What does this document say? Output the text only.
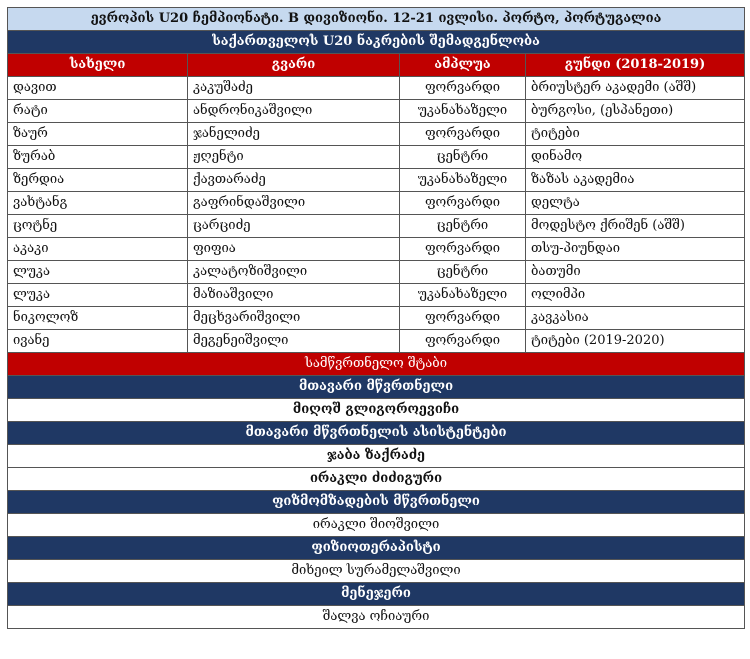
ევროპის U20 ჩემპიონატი. B დივიზიონი. 12-21 ივლისი. პორტო, პორტუგალია			
საქართველოს U20 ნაკრების შემადგენლობა			
სახელი	გვარი	ამპლუა	გუნდი (2018-2019)
დავით	კაკუშაძე	ფორვარდი	ბრიუსტერ აკადემი (აშშ)
რატი	ანდრონიკაშვილი	უკანახაზელი	ბურგოსი, (ესპანეთი)
ზაურ	ჯანელიძე	ფორვარდი	ტიტები
ზურაბ	ჟღენტი	ცენტრი	დინამო
ზერდია	ქავთარაძე	უკანახაზელი	ზაზას აკადემია
ვახტანგ	გაფრინდაშვილი	ფორვარდი	დელტა
ცოტნე	ცარციძე	ცენტრი	მოდესტო ქრიშენ (აშშ)
აკაკი	ფიფია	ფორვარდი	თსუ-პიუნდაი
ლუკა	კალატოზიშვილი	ცენტრი	ბათუმი
ლუკა	მაზიაშვილი	უკანახაზელი	ოლიმპი
ნიკოლოზ	მეცხვარიშვილი	ფორვარდი	კავკასია
ივანე	მეგენეიშვილი	ფორვარდი	ტიტები (2019-2020)
სამწვრთნელო შტაბი			
მთავარი მწვრთნელი			
მიღოშ გლიგოროევიჩი			
მთავარი მწვრთნელის ასისტენტები			
ჯაბა ზაქრაძე			
ირაკლი ძიძიგური			
ფიზმომზადების მწვრთნელი			
ირაკლი შიოშვილი			
ფიზიოთერაპისტი			
მიხეილ სურამელაშვილი			
მენეჯერი			
შალვა ოჩიაური			
